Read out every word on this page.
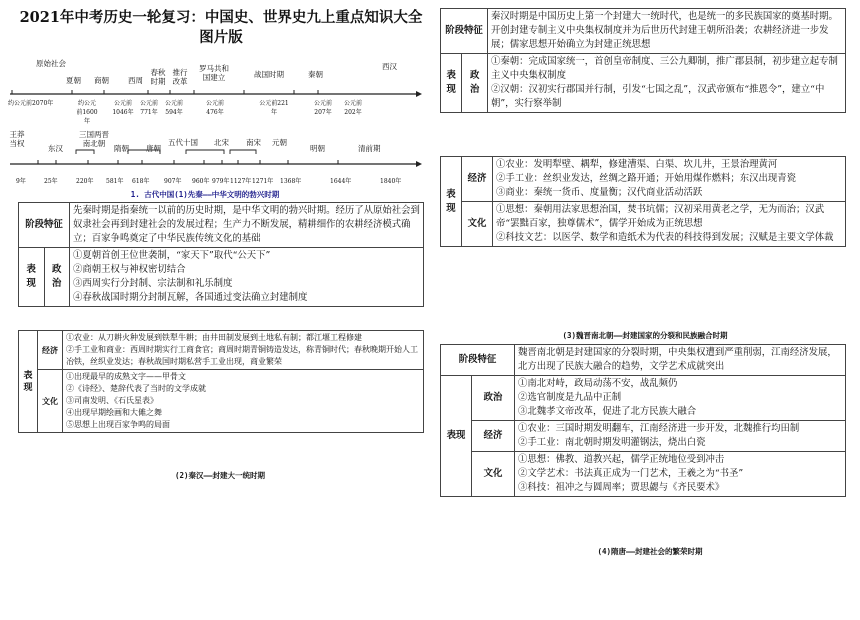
2021年中考历史一轮复习：中国史、世界史九上重点知识大全图片版
原始社会
夏朝 商朝	西周
春秋时期
推行改革
罗马共和国建立	战国时期	秦朝
西汉
约公元前2070年	约公元前1600年
公元前1046年
公元前771年
公元前594年
公元前476年
公元前221年
公元前207年
公元前202年
王莽当权
东汉
三国两晋南北朝
隋朝 唐朝
五代十国 北宋 南宋 元朝
明朝	清前期
9年	25年	220年 581年 618年 907年 960年 979年 1127年 1271年 1368年	1644年	1840年
1. 古代中国(1)先秦——中华文明的勃兴时期
阶段特征		先秦时期是指秦统一以前的历史时期，是中华文明的勃兴时期。经历了从原始社会到奴隶社会再到封建社会的发展过程；生产力不断发展，精耕细作的农耕经济模式确立；百家争鸣奠定了中华民族传统文化的基础
表现	政治	①夏朝首创王位世袭制，“家天下”取代“公天下”
②商朝王权与神权密切结合
③西周实行分封制、宗法制和礼乐制度
④春秋战国时期分封制瓦解，各国通过变法确立封建制度
表现	经济	①农业：从刀耕火种发展到铁犁牛耕；由井田制发展到土地私有制；都江堰工程修建
②手工业和商业：西周时期实行工商食官；商周时期青铜铸造发达，称青铜时代；春秋晚期开始人工冶铁，丝织业发达；春秋战国时期私营手工业出现，商业繁荣

	文化	①出现最早的成熟文字——甲骨文
②《诗经》、楚辞代表了当时的文学成就
③司南发明、《石氏星表》
④出现早期绘画和大傩之舞
⑤思想上出现百家争鸣的局面
(2)秦汉——封建大一统时期
阶段特征		秦汉时期是中国历史上第一个封建大一统时代，也是统一的多民族国家的奠基时期。开创封建专制主义中央集权制度并为后世历代封建王朝所沿袭；农耕经济进一步发展；儒家思想开始确立为封建正统思想
表现	政治	①秦朝：完成国家统一，首创皇帝制度、三公九卿制，推广郡县制，初步建立起专制主义中央集权制度
②汉朝：汉初实行郡国并行制，引发“七国之乱”，汉武帝颁布“推恩令”，建立“中朝”，实行察举制
表现	经济	①农业：发明犁壁、耦犁，修建漕渠、白渠、坎儿井，王景治理黄河
②手工业：丝织业发达，丝绸之路开通；开始用煤作燃料；东汉出现青瓷
③商业：秦统一货币、度量衡；汉代商业活动活跃

	文化	①思想：秦朝用法家思想治国，焚书坑儒；汉初采用黄老之学，无为而治；汉武帝“罢黜百家，独尊儒术”，儒学开始成为正统思想
②科技文艺：以医学、数学和造纸术为代表的科技得到发展；汉赋是主要文学体裁
(3)魏晋南北朝——封建国家的分裂和民族融合时期
阶段特征		魏晋南北朝是封建国家的分裂时期，中央集权遭到严重削弱，江南经济发展，北方出现了民族大融合的趋势，文学艺术成就突出
表现	政治	①南北对峙，政局动荡不安，战乱频仍
②选官制度是九品中正制
③北魏孝文帝改革，促进了北方民族大融合

	经济	①农业：三国时期发明翻车，江南经济进一步开发，北魏推行均田制
②手工业：南北朝时期发明灌钢法，烧出白瓷

	文化	①思想：佛教、道教兴起，儒学正统地位受到冲击
②文学艺术：书法真正成为一门艺术，王羲之为“书圣”
③科技：祖冲之与圆周率；贾思勰与《齐民要术》
(4)隋唐——封建社会的繁荣时期
